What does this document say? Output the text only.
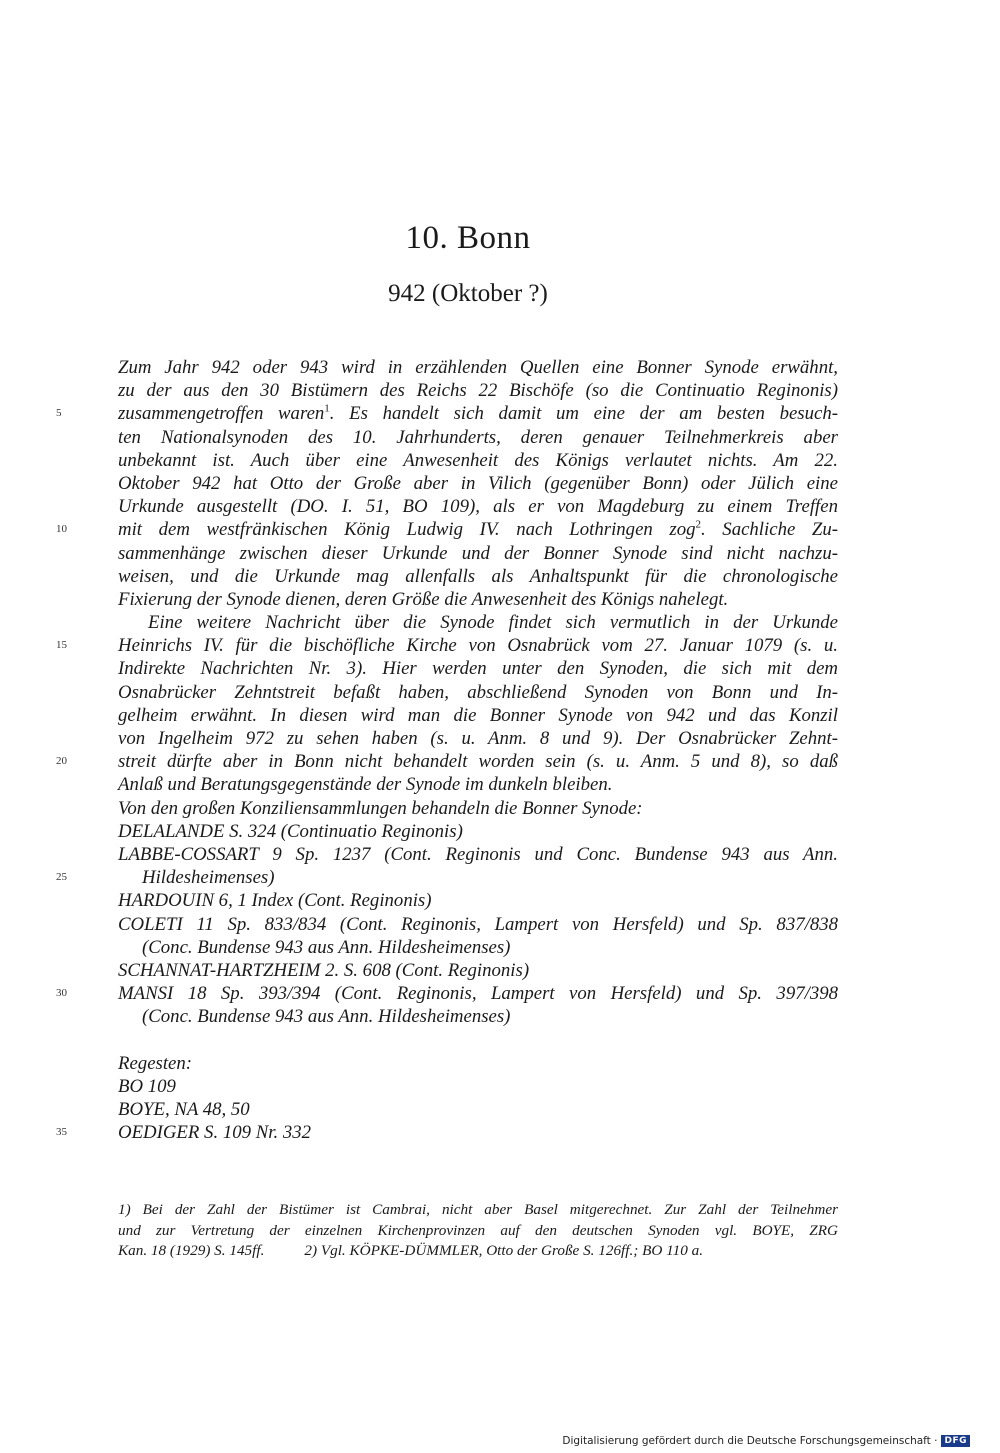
10. Bonn
942 (Oktober ?)
Zum Jahr 942 oder 943 wird in erzählenden Quellen eine Bonner Synode erwähnt,
zu der aus den 30 Bistümern des Reichs 22 Bischöfe (so die Continuatio Reginonis)
5	zusammengetroffen waren$^1$. Es handelt sich damit um eine der am besten besuch-
ten Nationalsynoden des 10. Jahrhunderts, deren genauer Teilnehmerkreis aber
unbekannt ist. Auch über eine Anwesenheit des Königs verlautet nichts. Am 22.
Oktober 942 hat Otto der Große aber in Vilich (gegenüber Bonn) oder Jülich eine
Urkunde ausgestellt (DO. I. 51, BO 109), als er von Magdeburg zu einem Treffen
10	mit dem westfränkischen König Ludwig IV. nach Lothringen zog$^2$. Sachliche Zu-
sammenhänge zwischen dieser Urkunde und der Bonner Synode sind nicht nachzu-
weisen, und die Urkunde mag allenfalls als Anhaltspunkt für die chronologische
Fixierung der Synode dienen, deren Größe die Anwesenheit des Königs nahelegt.
Eine weitere Nachricht über die Synode findet sich vermutlich in der Urkunde
15	Heinrichs IV. für die bischöfliche Kirche von Osnabrück vom 27. Januar 1079 (s. u.
Indirekte Nachrichten Nr. 3). Hier werden unter den Synoden, die sich mit dem
Osnabrücker Zehntstreit befaßt haben, abschließend Synoden von Bonn und In-
gelheim erwähnt. In diesen wird man die Bonner Synode von 942 und das Konzil
von Ingelheim 972 zu sehen haben (s. u. Anm. 8 und 9). Der Osnabrücker Zehnt-
20	streit dürfte aber in Bonn nicht behandelt worden sein (s. u. Anm. 5 und 8), so daß
Anlaß und Beratungsgegenstände der Synode im dunkeln bleiben.
Von den großen Konziliensammlungen behandeln die Bonner Synode:
DELALANDE S. 324 (Continuatio Reginonis)
LABBE-COSSART 9 Sp. 1237 (Cont. Reginonis und Conc. Bundense 943 aus Ann.
25	Hildesheimenses)
HARDOUIN 6, 1 Index (Cont. Reginonis)
COLETI 11 Sp. 833/834 (Cont. Reginonis, Lampert von Hersfeld) und Sp. 837/838
(Conc. Bundense 943 aus Ann. Hildesheimenses)
SCHANNAT-HARTZHEIM 2. S. 608 (Cont. Reginonis)
30	MANSI 18 Sp. 393/394 (Cont. Reginonis, Lampert von Hersfeld) und Sp. 397/398
(Conc. Bundense 943 aus Ann. Hildesheimenses)
Regesten:
BO 109
BOYE, NA 48, 50
35	OEDIGER S. 109 Nr. 332
1) Bei der Zahl der Bistümer ist Cambrai, nicht aber Basel mitgerechnet. Zur Zahl der Teilnehmer
und zur Vertretung der einzelnen Kirchenprovinzen auf den deutschen Synoden vgl. BOYE, ZRG
Kan. 18 (1929) S. 145ff.	2) Vgl. KÖPKE-DÜMMLER, Otto der Große S. 126ff.; BO 110 a.
Digitalisierung gefördert durch die Deutsche Forschungsgemeinschaft · DFG
